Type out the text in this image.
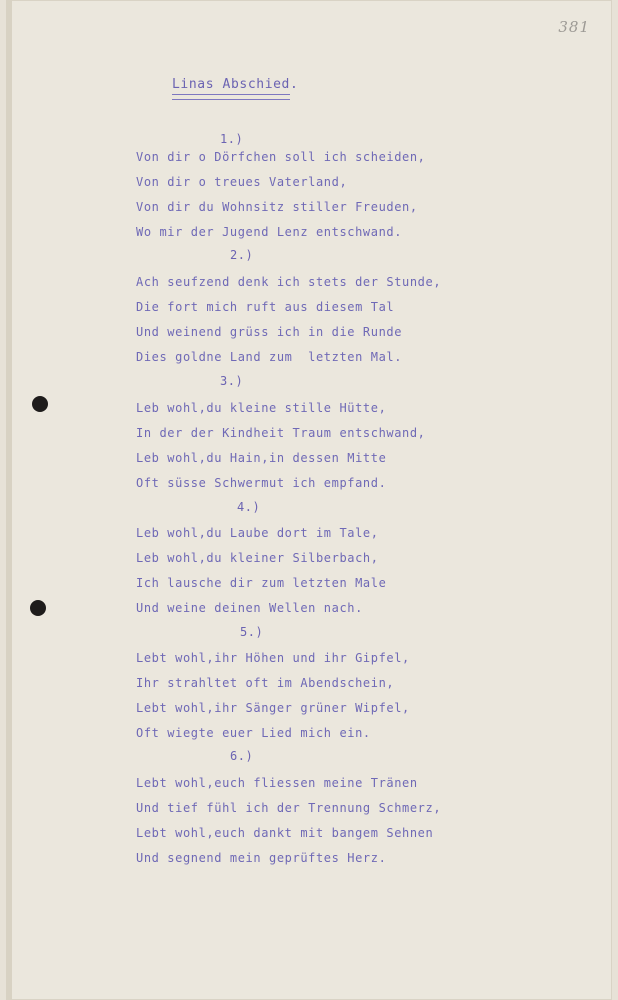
381
Linas Abschied.
1.)
Von dir o Dörfchen soll ich scheiden,
Von dir o treues Vaterland,
Von dir du Wohnsitz stiller Freuden,
Wo mir der Jugend Lenz entschwand.
2.)
Ach seufzend denk ich stets der Stunde,
Die fort mich ruft aus diesem Tal
Und weinend grüss ich in die Runde
Dies goldne Land zum  letzten Mal.
3.)
Leb wohl,du kleine stille Hütte,
In der der Kindheit Traum entschwand,
Leb wohl,du Hain,in dessen Mitte
Oft süsse Schwermut ich empfand.
4.)
Leb wohl,du Laube dort im Tale,
Leb wohl,du kleiner Silberbach,
Ich lausche dir zum letzten Male
Und weine deinen Wellen nach.
5.)
Lebt wohl,ihr Höhen und ihr Gipfel,
Ihr strahltet oft im Abendschein,
Lebt wohl,ihr Sänger grüner Wipfel,
Oft wiegte euer Lied mich ein.
6.)
Lebt wohl,euch fliessen meine Tränen
Und tief fühl ich der Trennung Schmerz,
Lebt wohl,euch dankt mit bangem Sehnen
Und segnend mein geprüftes Herz.
